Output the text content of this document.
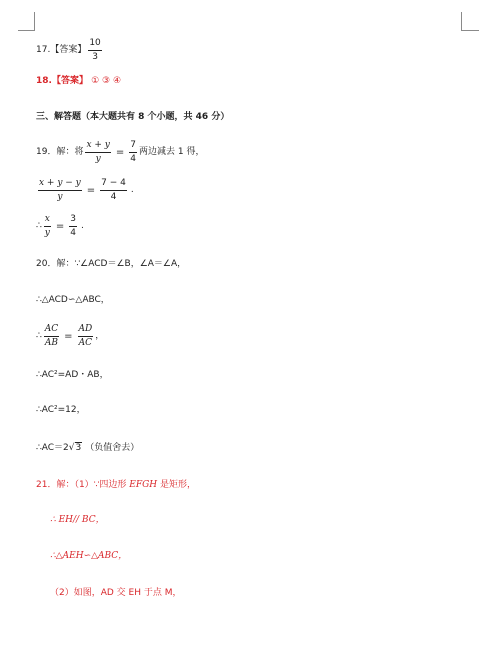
17.【答案】 $\frac{10}{3}$
18.【答案】 ① ③ ④
三、解答题（本大题共有 8 个小题，共 46 分）
19．解：将 $\frac{x + y}{y} = \frac{7}{4}$ 两边减去 1 得，
$\frac{x + y - y}{y} = \frac{7 - 4}{4}$ .
∴ $\frac{x}{y} = \frac{3}{4}$ .
20．解：∵∠ACD＝∠B，∠A＝∠A，
∴△ACD∽△ABC，
∴ $\frac{AC}{AB} = \frac{AD}{AC}$ ，
∴AC²=AD・AB，
∴AC²=12，
∴AC＝2 √ 3 （负值舍去）
21．解：（1）∵四边形 EFGH 是矩形，
∴ EH// BC，
∴△AEH∽△ABC，
（2）如图，AD 交 EH 于点 M，
